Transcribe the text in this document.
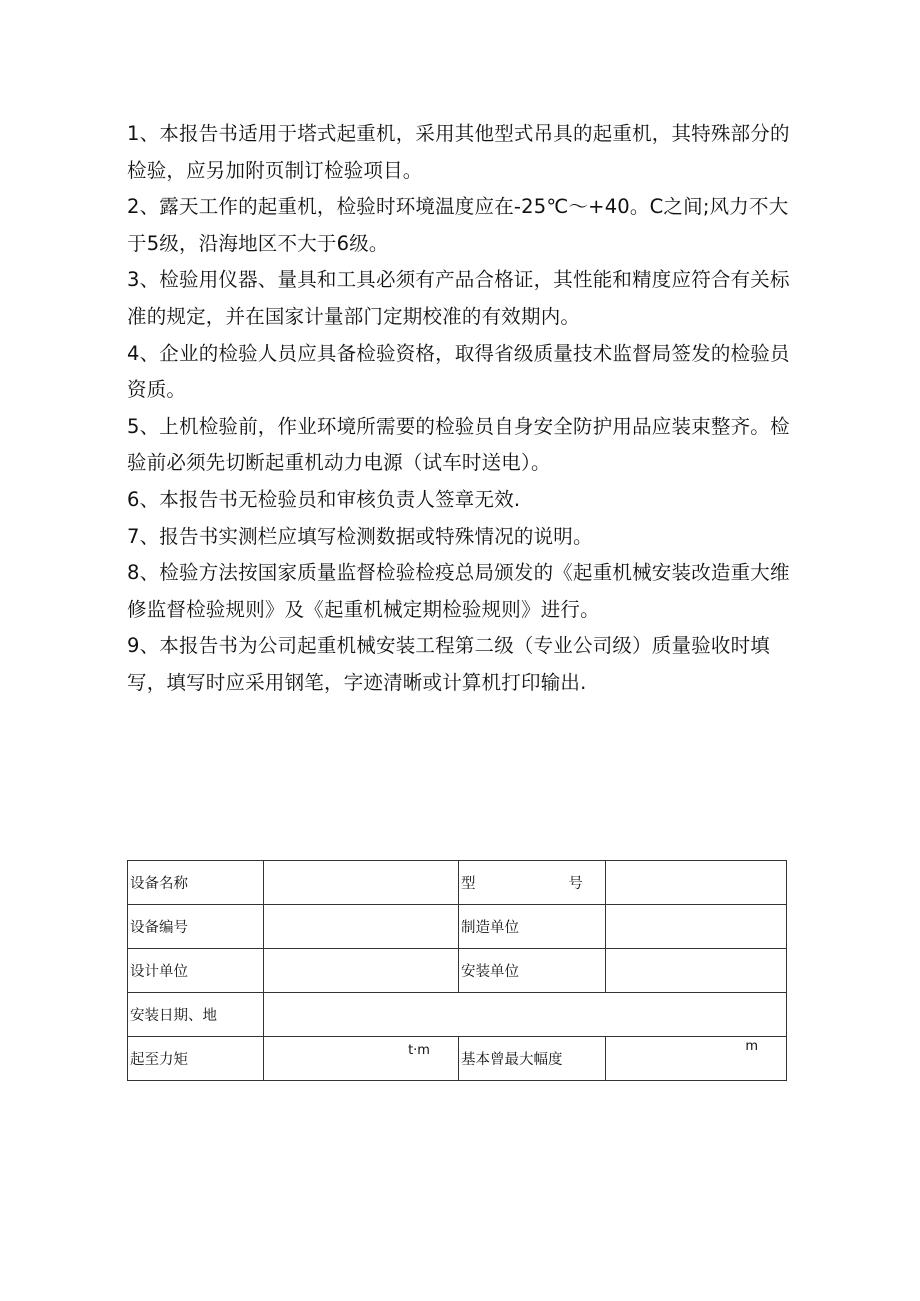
1、本报告书适用于塔式起重机，采用其他型式吊具的起重机，其特殊部分的检验，应另加附页制订检验项目。

2、露天工作的起重机，检验时环境温度应在-25℃～+40。C之间;风力不大于5级，沿海地区不大于6级。

3、检验用仪器、量具和工具必须有产品合格证，其性能和精度应符合有关标准的规定，并在国家计量部门定期校准的有效期内。

4、企业的检验人员应具备检验资格，取得省级质量技术监督局签发的检验员资质。

5、上机检验前，作业环境所需要的检验员自身安全防护用品应装束整齐。检验前必须先切断起重机动力电源（试车时送电）。

6、本报告书无检验员和审核负责人签章无效.

7、报告书实测栏应填写检测数据或特殊情况的说明。

8、检验方法按国家质量监督检验检疫总局颁发的《起重机械安装改造重大维修监督检验规则》及《起重机械定期检验规则》进行。

9、本报告书为公司起重机械安装工程第二级（专业公司级）质量验收时填写，填写时应采用钢笔，字迹清晰或计算机打印输出.

设备名称		型 号	

设备编号		制造单位	
设计单位		安装单位	
安装日期、地			
起至力矩	t·m	基本曾最大幅度	m
